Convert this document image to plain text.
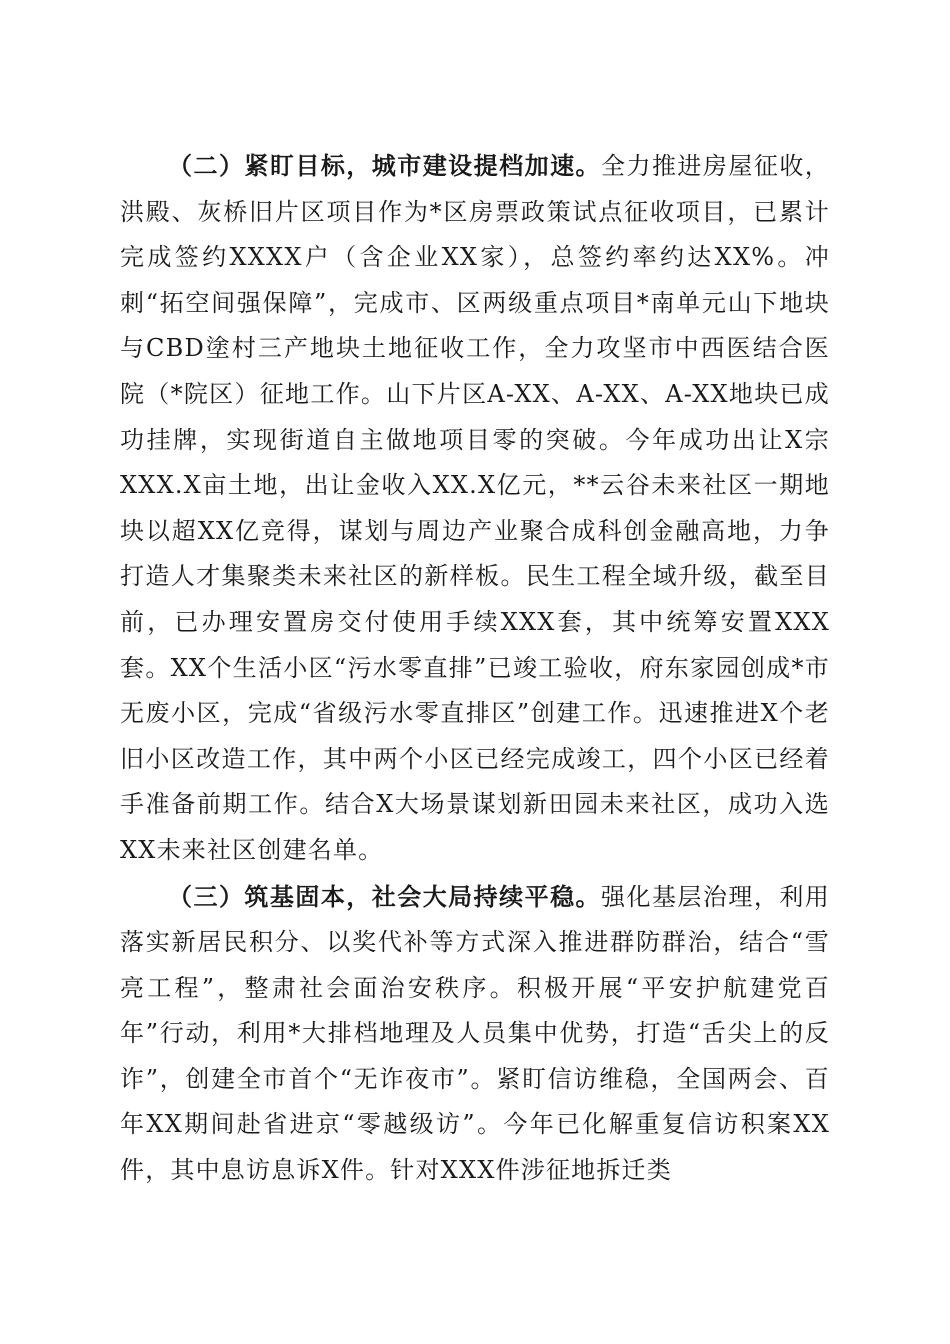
（二）紧盯目标，城市建设提档加速。全力推进房屋征收，洪殿、灰桥旧片区项目作为*区房票政策试点征收项目，已累计完成签约XXXX户（含企业XX家），总签约率约达XX%。冲刺“拓空间强保障”，完成市、区两级重点项目*南单元山下地块与CBD塗村三产地块土地征收工作，全力攻坚市中西医结合医院（*院区）征地工作。山下片区A-XX、A-XX、A-XX地块已成功挂牌，实现街道自主做地项目零的突破。今年成功出让X宗XXX.X亩土地，出让金收入XX.X亿元，**云谷未来社区一期地块以超XX亿竞得，谋划与周边产业聚合成科创金融高地，力争打造人才集聚类未来社区的新样板。民生工程全域升级，截至目前，已办理安置房交付使用手续XXX套，其中统筹安置XXX套。XX个生活小区“污水零直排”已竣工验收，府东家园创成*市无废小区，完成“省级污水零直排区”创建工作。迅速推进X个老旧小区改造工作，其中两个小区已经完成竣工，四个小区已经着手准备前期工作。结合X大场景谋划新田园未来社区，成功入选XX未来社区创建名单。

（三）筑基固本，社会大局持续平稳。强化基层治理，利用落实新居民积分、以奖代补等方式深入推进群防群治，结合“雪亮工程”，整肃社会面治安秩序。积极开展“平安护航建党百年”行动，利用*大排档地理及人员集中优势，打造“舌尖上的反诈”，创建全市首个“无诈夜市”。紧盯信访维稳，全国两会、百年XX期间赴省进京“零越级访”。今年已化解重复信访积案XX件，其中息访息诉X件。针对XXX件涉征地拆迁类
